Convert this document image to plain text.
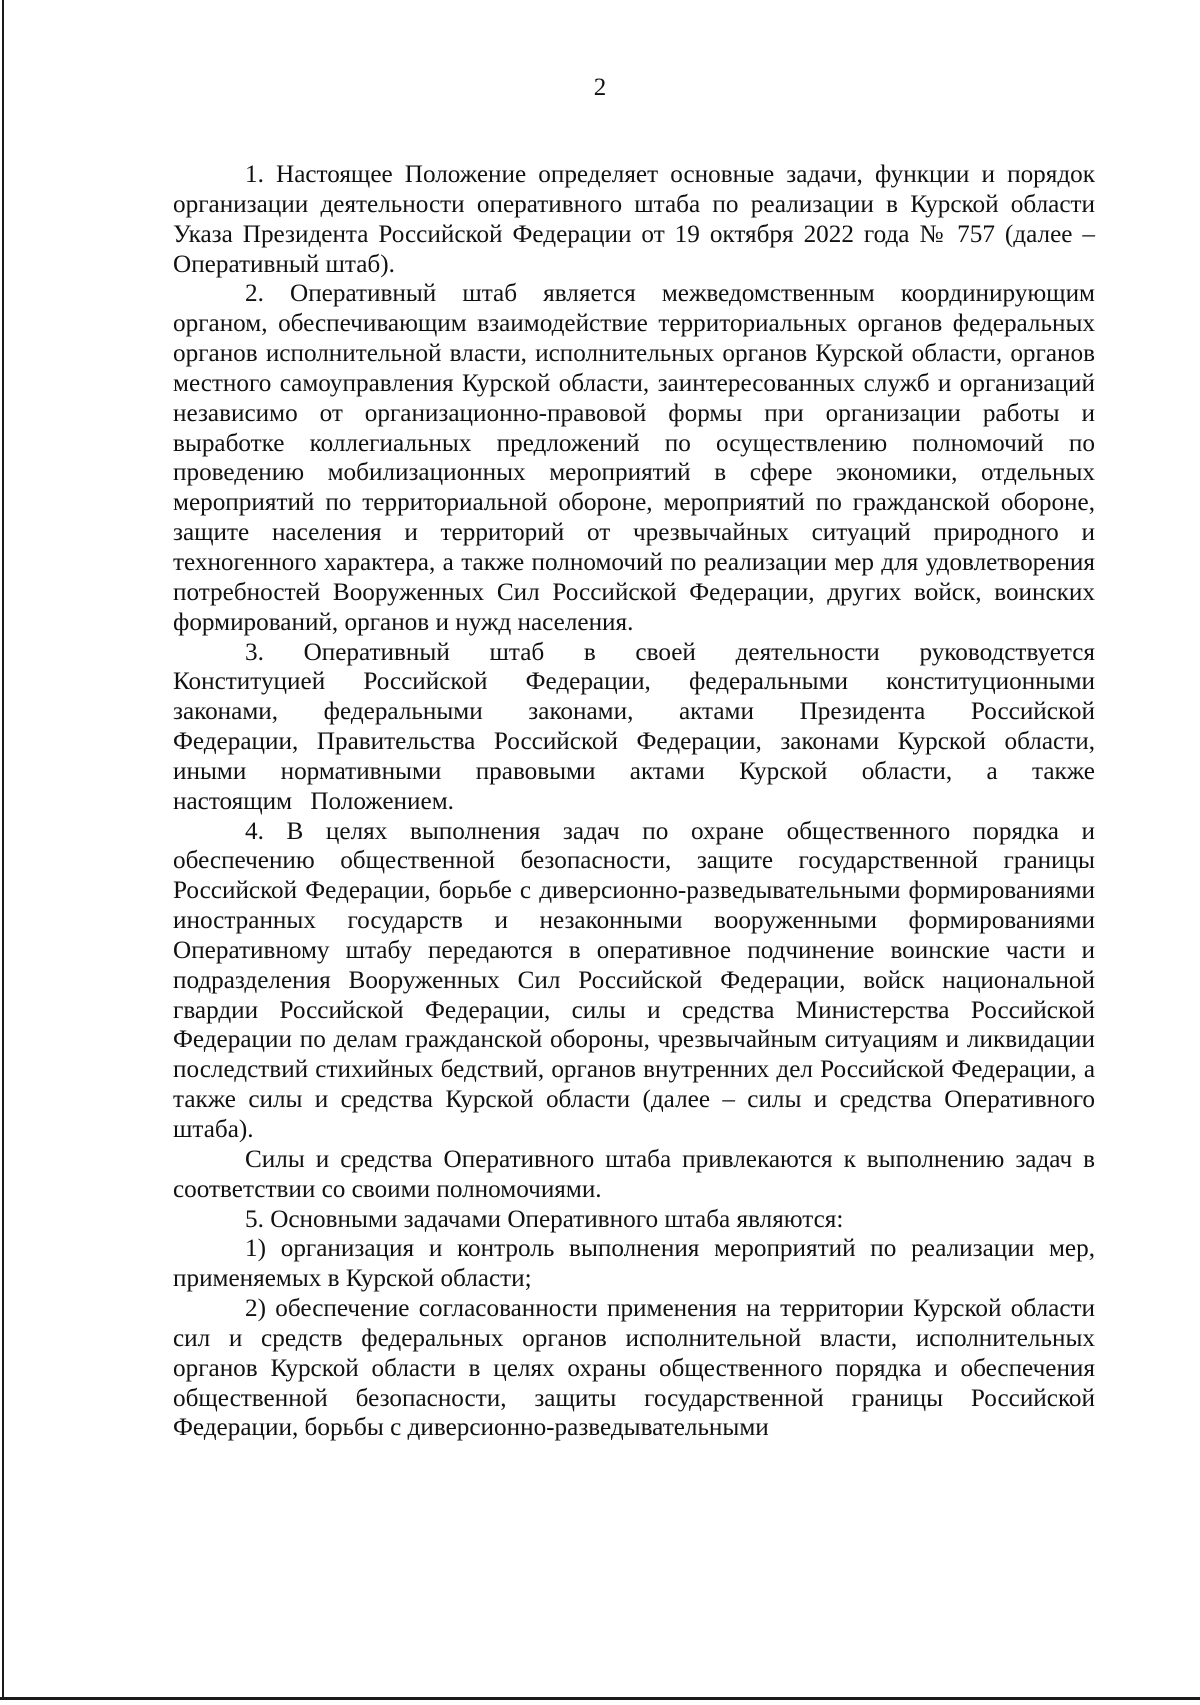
2

1. Настоящее Положение определяет основные задачи, функции и порядок организации деятельности оперативного штаба по реализации в Курской области Указа Президента Российской Федерации от 19 октября 2022 года № 757 (далее – Оперативный штаб).

2. Оперативный штаб является межведомственным координирующим органом, обеспечивающим взаимодействие территориальных органов федеральных органов исполнительной власти, исполнительных органов Курской области, органов местного самоуправления Курской области, заинтересованных служб и организаций независимо от организационно-правовой формы при организации работы и выработке коллегиальных предложений по осуществлению полномочий по проведению мобилизационных мероприятий в сфере экономики, отдельных мероприятий по территориальной обороне, мероприятий по гражданской обороне, защите населения и территорий от чрезвычайных ситуаций природного и техногенного характера, а также полномочий по реализации мер для удовлетворения потребностей Вооруженных Сил Российской Федерации, других войск, воинских формирований, органов и нужд населения.

3. Оперативный штаб в своей деятельности руководствуется Конституцией Российской Федерации, федеральными конституционными законами, федеральными законами, актами Президента Российской Федерации, Правительства Российской Федерации, законами Курской области, иными нормативными правовыми актами Курской области, а также настоящим Положением.

4. В целях выполнения задач по охране общественного порядка и обеспечению общественной безопасности, защите государственной границы Российской Федерации, борьбе с диверсионно-разведывательными формированиями иностранных государств и незаконными вооруженными формированиями Оперативному штабу передаются в оперативное подчинение воинские части и подразделения Вооруженных Сил Российской Федерации, войск национальной гвардии Российской Федерации, силы и средства Министерства Российской Федерации по делам гражданской обороны, чрезвычайным ситуациям и ликвидации последствий стихийных бедствий, органов внутренних дел Российской Федерации, а также силы и средства Курской области (далее – силы и средства Оперативного штаба).

Силы и средства Оперативного штаба привлекаются к выполнению задач в соответствии со своими полномочиями.

5. Основными задачами Оперативного штаба являются:

1) организация и контроль выполнения мероприятий по реализации мер, применяемых в Курской области;

2) обеспечение согласованности применения на территории Курской области сил и средств федеральных органов исполнительной власти, исполнительных органов Курской области в целях охраны общественного порядка и обеспечения общественной безопасности, защиты государственной границы Российской Федерации, борьбы с диверсионно-разведывательными
